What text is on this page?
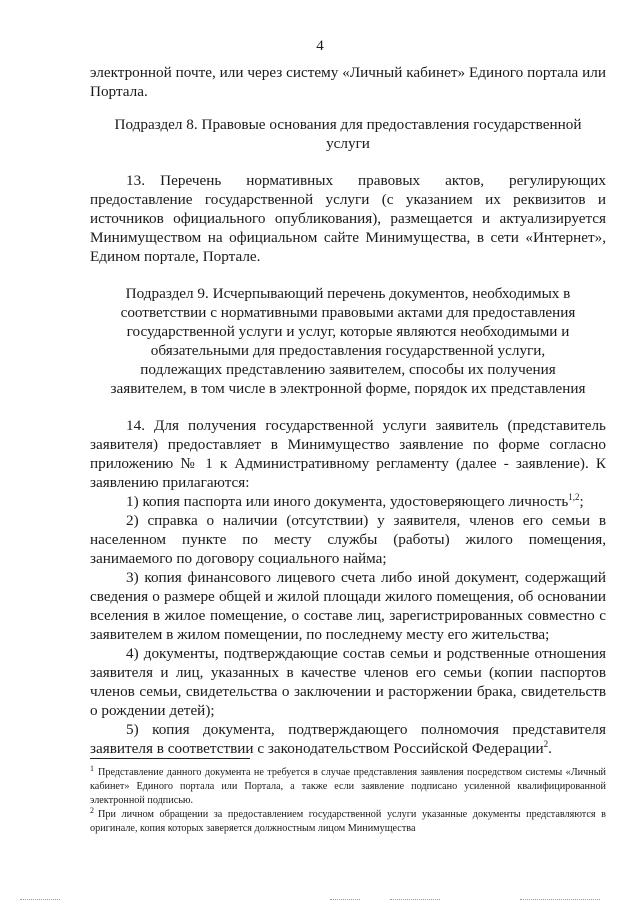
4

электронной почте, или через систему «Личный кабинет» Единого портала или Портала.

Подраздел 8. Правовые основания для предоставления государственной услуги

13. Перечень нормативных правовых актов, регулирующих предоставление государственной услуги (с указанием их реквизитов и источников официального опубликования), размещается и актуализируется Минимуществом на официальном сайте Минимущества, в сети «Интернет», Едином портале, Портале.

Подраздел 9. Исчерпывающий перечень документов, необходимых в соответствии с нормативными правовыми актами для предоставления государственной услуги и услуг, которые являются необходимыми и обязательными для предоставления государственной услуги, подлежащих представлению заявителем, способы их получения заявителем, в том числе в электронной форме, порядок их представления

14. Для получения государственной услуги заявитель (представитель заявителя) предоставляет в Минимущество заявление по форме согласно приложению № 1 к Административному регламенту (далее - заявление). К заявлению прилагаются:

1) копия паспорта или иного документа, удостоверяющего личность$^{1,2}$;

2) справка о наличии (отсутствии) у заявителя, членов его семьи в населенном пункте по месту службы (работы) жилого помещения, занимаемого по договору социального найма;

3) копия финансового лицевого счета либо иной документ, содержащий сведения о размере общей и жилой площади жилого помещения, об основании вселения в жилое помещение, о составе лиц, зарегистрированных совместно с заявителем в жилом помещении, по последнему месту его жительства;

4) документы, подтверждающие состав семьи и родственные отношения заявителя и лиц, указанных в качестве членов его семьи (копии паспортов членов семьи, свидетельства о заключении и расторжении брака, свидетельств о рождении детей);

5) копия документа, подтверждающего полномочия представителя заявителя в соответствии с законодательством Российской Федерации$^2$.

$^1$ Представление данного документа не требуется в случае представления заявления посредством системы «Личный кабинет» Единого портала или Портала, а также если заявление подписано усиленной квалифицированной электронной подписью.

$^2$ При личном обращении за предоставлением государственной услуги указанные документы представляются в оригинале, копия которых заверяется должностным лицом Минимущества
